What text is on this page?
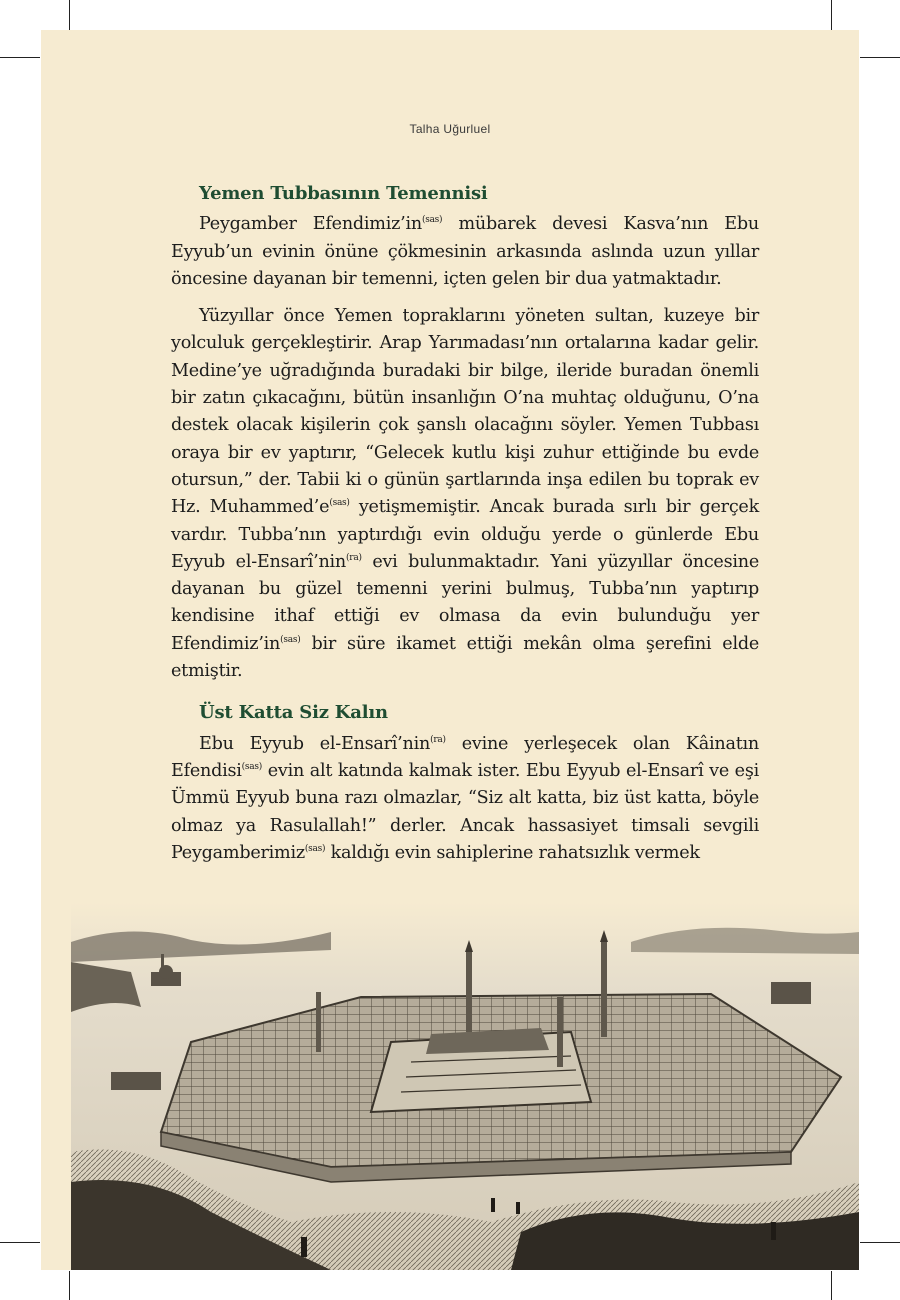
Talha Uğurluel
Yemen Tubbasının Temennisi

Peygamber $Efendimiz’in^{(sas)}$ mübarek devesi Kasva’nın Ebu Eyyub’un evinin önüne çökmesinin arkasında aslında uzun yıllar öncesine dayanan bir temenni, içten gelen bir dua yatmaktadır.

Yüzyıllar önce Yemen topraklarını yöneten sultan, kuzeye bir yolculuk gerçekleştirir. Arap Yarımadası’nın ortalarına kadar gelir. Medine’ye uğradığında buradaki bir bilge, ileride buradan önemli bir zatın çıkacağını, bütün insanlığın O’na muhtaç olduğunu, O’na destek olacak kişilerin çok şanslı olacağını söyler. Yemen Tubbası oraya bir ev yaptırır, “Gelecek kutlu kişi zuhur ettiğinde bu evde otursun,” der. Tabii ki o günün şartlarında inşa edilen bu toprak ev Hz. $Muhammed’e^{(sas)}$ yetişmemiştir. Ancak burada sırlı bir gerçek vardır. Tubba’nın yaptırdığı evin olduğu yerde o günlerde Ebu Eyyub el-Ensarî’nin$^{(ra)}$ evi bulunmaktadır. Yani yüzyıllar öncesine dayanan bu güzel temenni yerini bulmuş, Tubba’nın yaptırıp kendisine ithaf ettiği ev olmasa da evin bulunduğu yer $Efendimiz’in^{(sas)}$ bir süre ikamet ettiği mekân olma şerefini elde etmiştir.

Üst Katta Siz Kalın

Ebu Eyyub el-Ensarî’nin$^{(ra)}$ evine yerleşecek olan Kâinatın Efendisi$^{(sas)}$ evin alt katında kalmak ister. Ebu Eyyub el-Ensarî ve eşi Ümmü Eyyub buna razı olmazlar, “Siz alt katta, biz üst katta, böyle olmaz ya Rasulallah!” derler. Ancak hassasiyet timsali sevgili Peygamberimiz$^{(sas)}$ kaldığı evin sahiplerine rahatsızlık vermek
